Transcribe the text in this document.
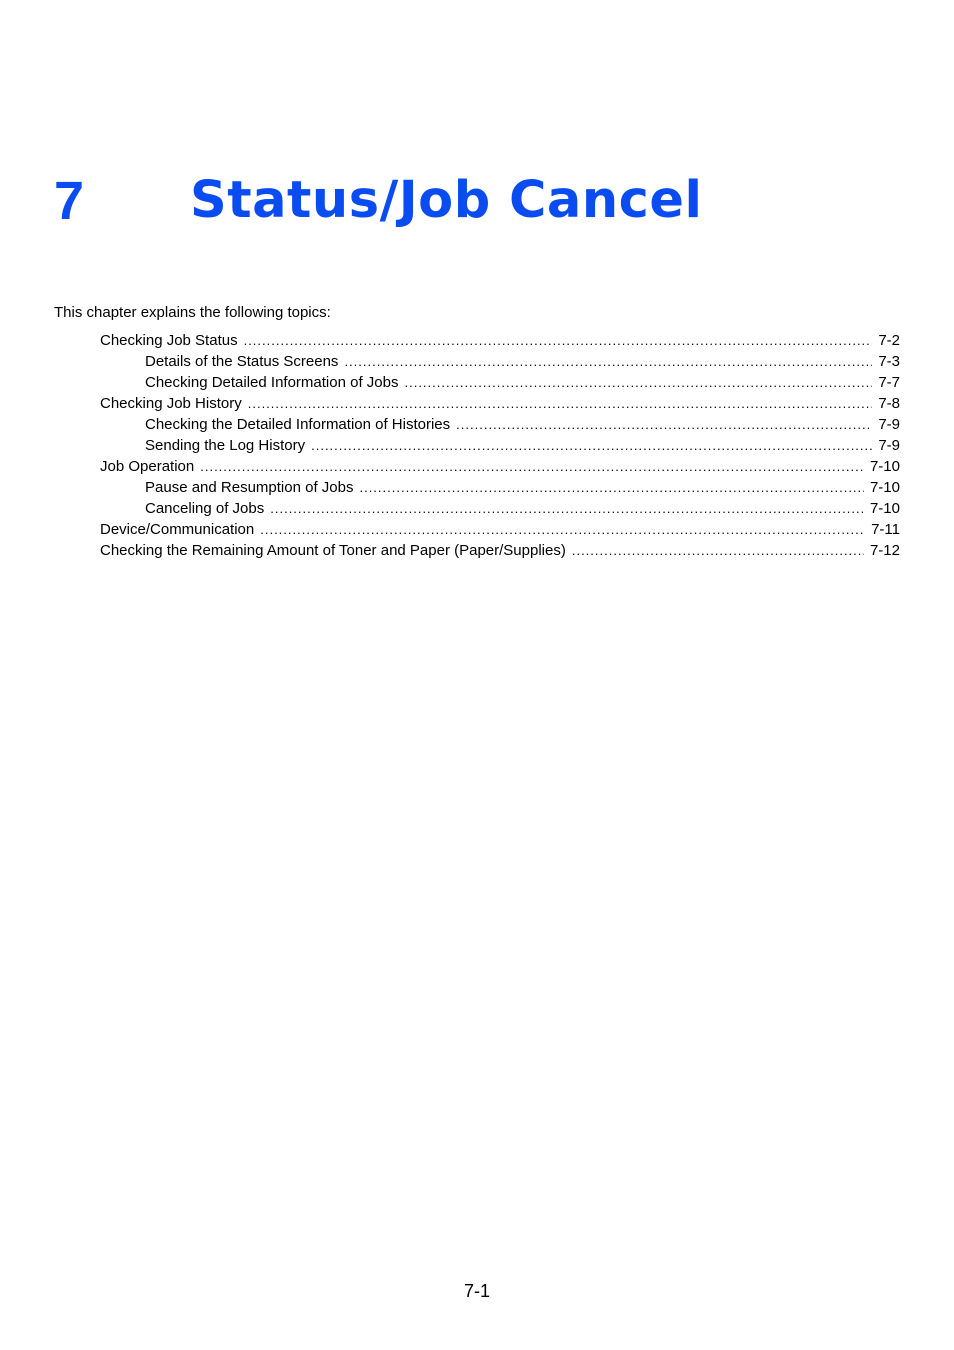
7 Status/Job Cancel
This chapter explains the following topics:
Checking Job Status .....	7-2
Details of the Status Screens .....	7-3
Checking Detailed Information of Jobs .....	7-7
Checking Job History .....	7-8
Checking the Detailed Information of Histories .....	7-9
Sending the Log History .....	7-9
Job Operation .....	7-10
Pause and Resumption of Jobs .....	7-10
Canceling of Jobs .....	7-10
Device/Communication .....	7-11
Checking the Remaining Amount of Toner and Paper (Paper/Supplies) .....	7-12
7-1
